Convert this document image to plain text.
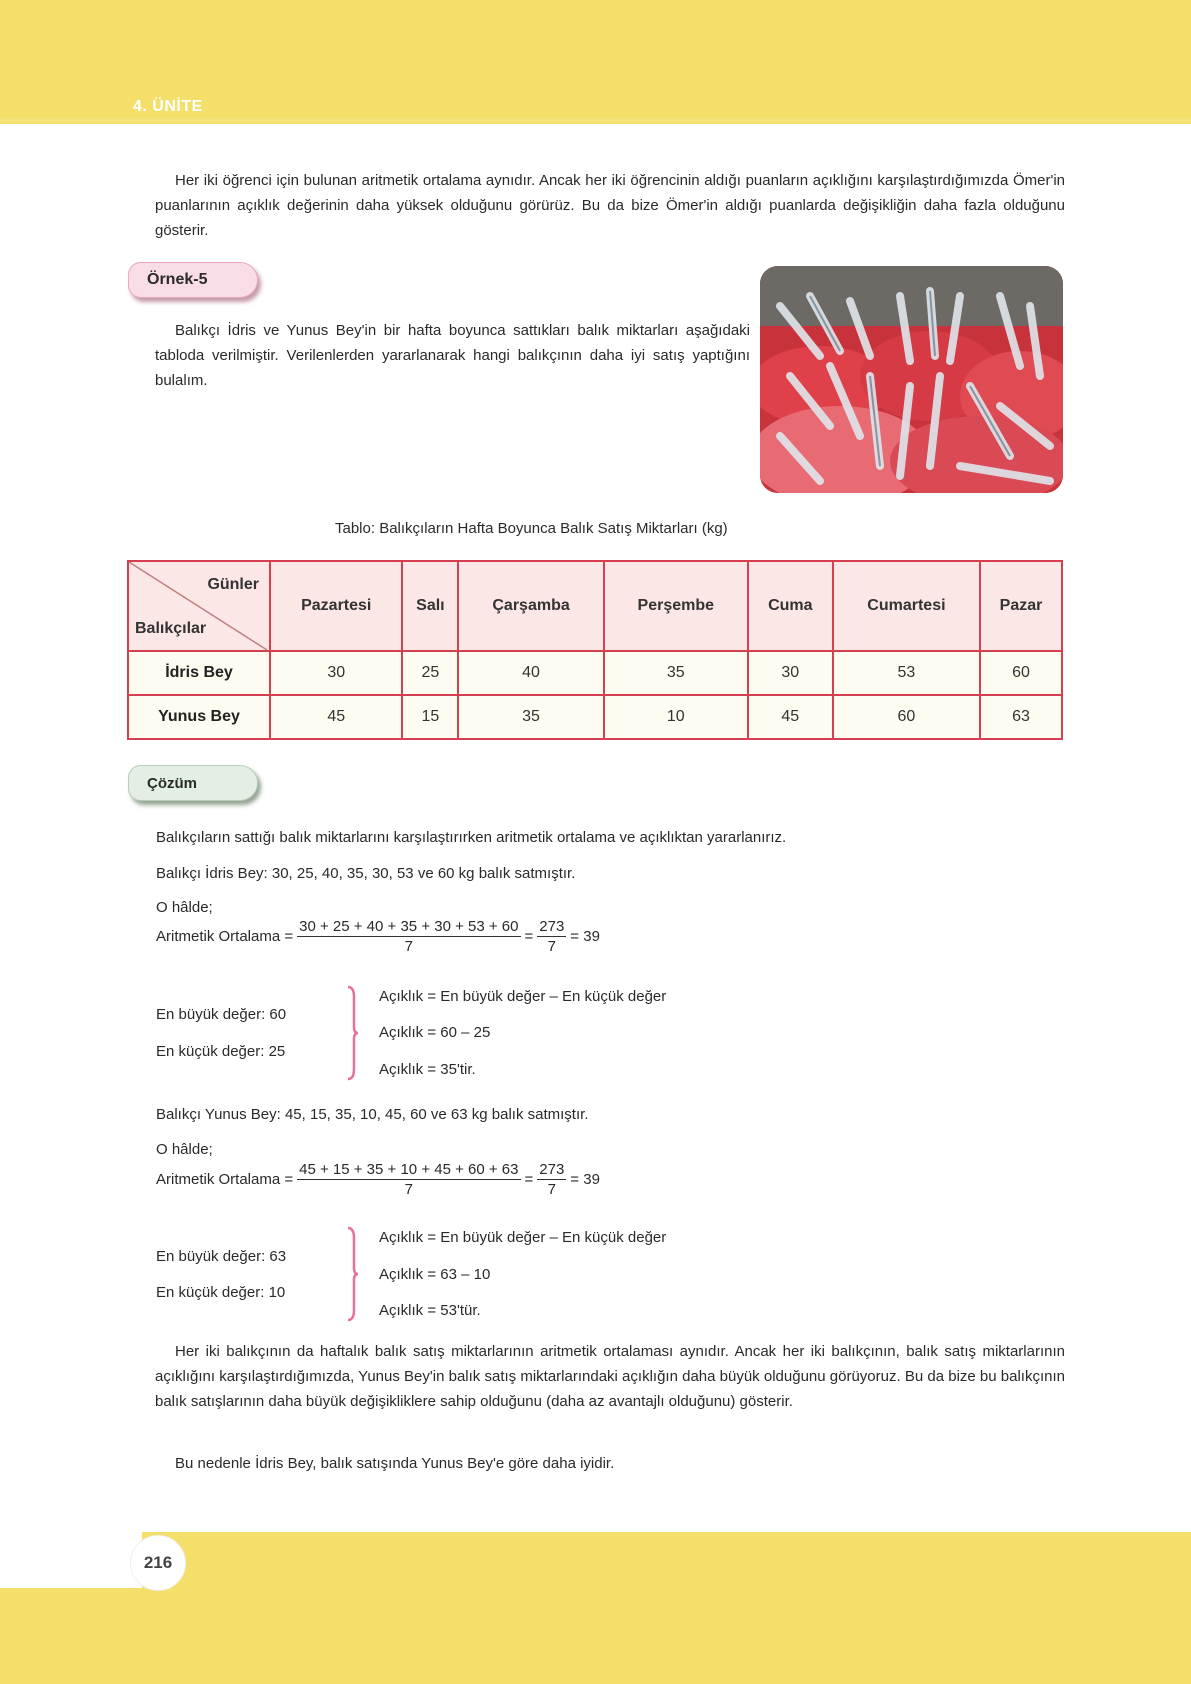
4. ÜNİTE

Her iki öğrenci için bulunan aritmetik ortalama aynıdır. Ancak her iki öğrencinin aldığı puanların açıklığını karşılaştırdığımızda Ömer'in puanlarının açıklık değerinin daha yüksek olduğunu görürüz. Bu da bize Ömer'in aldığı puanlarda değişikliğin daha fazla olduğunu gösterir.

Örnek-5

Balıkçı İdris ve Yunus Bey'in bir hafta boyunca sattıkları balık miktarları aşağıdaki tabloda verilmiştir. Verilenlerden yararlanarak hangi balıkçının daha iyi satış yaptığını bulalım.

Tablo: Balıkçıların Hafta Boyunca Balık Satış Miktarları (kg)
Günler
Balıkçılar	Pazartesi	Salı	Çarşamba	Perşembe	Cuma	Cumartesi	Pazar
İdris Bey	30	25	40	35	30	53	60
Yunus Bey	45	15	35	10	45	60	63
Çözüm
Balıkçıların sattığı balık miktarlarını karşılaştırırken aritmetik ortalama ve açıklıktan yararlanırız.
Balıkçı İdris Bey: 30, 25, 40, 35, 30, 53 ve 60 kg balık satmıştır.
O hâlde;
Aritmetik Ortalama = $\frac{30 + 25 + 40 + 35 + 30 + 53 + 60}{7} = \frac{273}{7} = 39$
En büyük değer: 60
En küçük değer: 25
Açıklık = En büyük değer – En küçük değer
Açıklık = 60 – 25
Açıklık = 35'tir.
Balıkçı Yunus Bey: 45, 15, 35, 10, 45, 60 ve 63 kg balık satmıştır.
O hâlde;
Aritmetik Ortalama = $\frac{45 + 15 + 35 + 10 + 45 + 60 + 63}{7} = \frac{273}{7} = 39$
En büyük değer: 63
En küçük değer: 10
Açıklık = En büyük değer – En küçük değer
Açıklık = 63 – 10
Açıklık = 53'tür.

Her iki balıkçının da haftalık balık satış miktarlarının aritmetik ortalaması aynıdır. Ancak her iki balıkçının, balık satış miktarlarının açıklığını karşılaştırdığımızda, Yunus Bey'in balık satış miktarlarındaki açıklığın daha büyük olduğunu görüyoruz. Bu da bize bu balıkçının balık satışlarının daha büyük değişikliklere sahip olduğunu (daha az avantajlı olduğunu) gösterir.

Bu nedenle İdris Bey, balık satışında Yunus Bey'e göre daha iyidir.

216
